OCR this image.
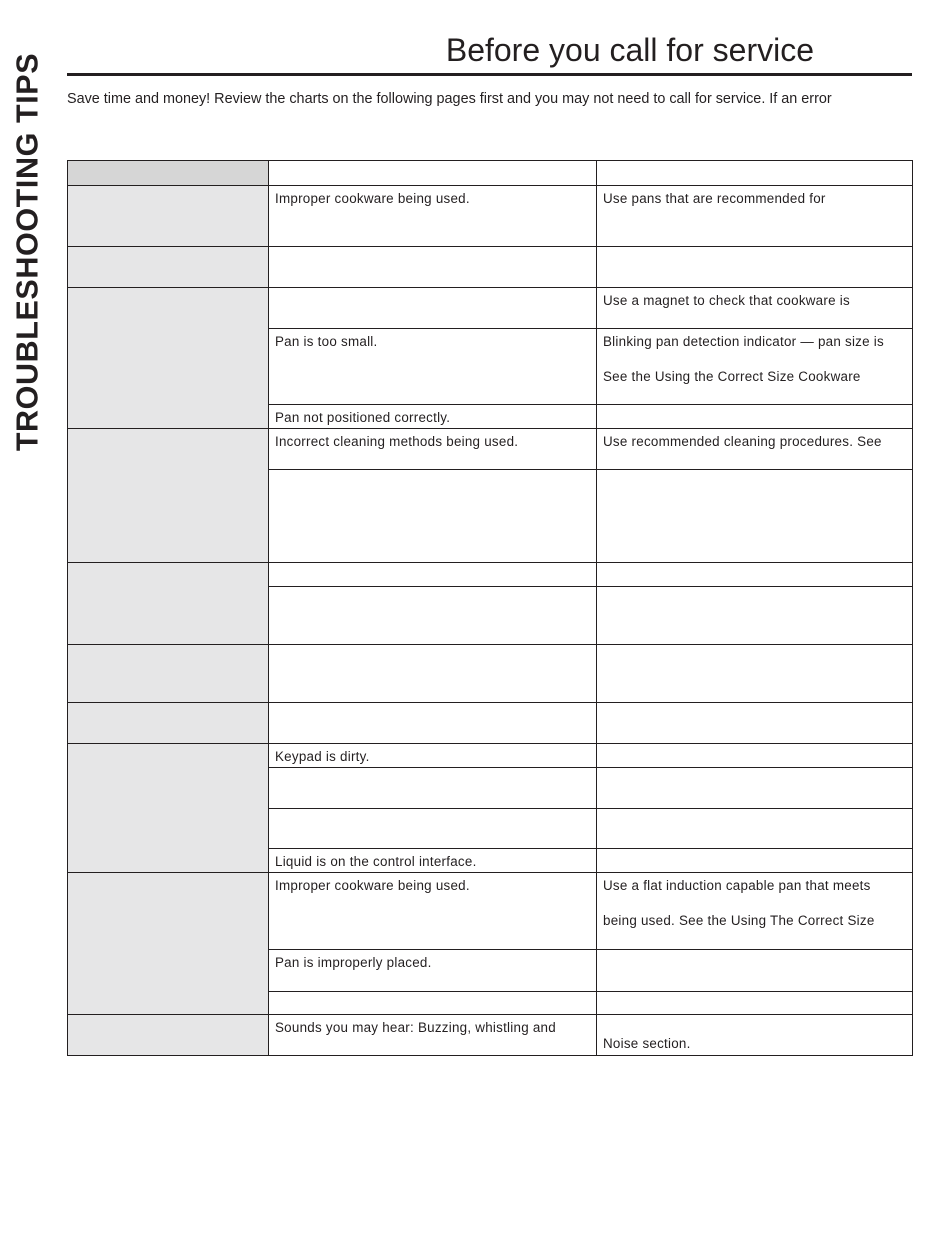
TROUBLESHOOTING TIPS
Before you call for service

Save time and money! Review the charts on the following pages first and you may not need to call for service. If an error

	Improper cookware being used.	Use pans that are recommended for

		Use a magnet to check that cookware is
	Pan is too small.	Blinking pan detection indicator — pan size is
See the Using the Correct Size Cookware

	Pan not positioned correctly.	
	Incorrect cleaning methods being used.	Use recommended cleaning procedures. See

	Keypad is dirty.	

	Liquid is on the control interface.	
	Improper cookware being used.	Use a flat induction capable pan that meets
being used. See the Using The Correct Size

	Pan is improperly placed.	

	Sounds you may hear: Buzzing, whistling and	Noise section.
